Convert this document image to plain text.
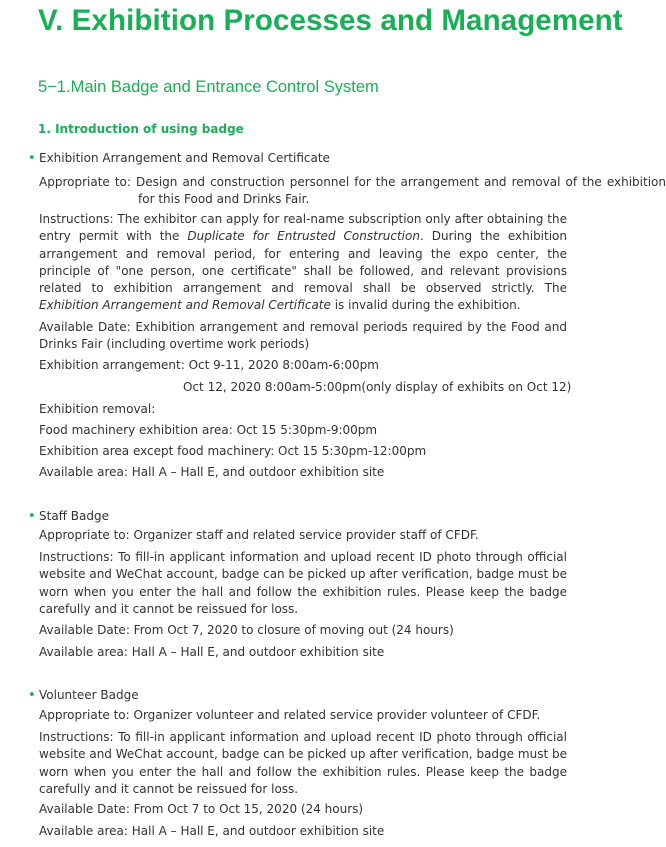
V. Exhibition Processes and Management
5−1.Main Badge and Entrance Control System
1. Introduction of using badge
• Exhibition Arrangement and Removal Certificate

Appropriate to: Design and construction personnel for the arrangement and removal of the exhibition for this Food and Drinks Fair.

Instructions: The exhibitor can apply for real-name subscription only after obtaining the entry permit with the Duplicate for Entrusted Construction. During the exhibition arrangement and removal period, for entering and leaving the expo center, the principle of "one person, one certificate" shall be followed, and relevant provisions related to exhibition arrangement and removal shall be observed strictly. The Exhibition Arrangement and Removal Certificate is invalid during the exhibition.

Available Date: Exhibition arrangement and removal periods required by the Food and Drinks Fair (including overtime work periods)

Exhibition arrangement: Oct 9-11, 2020 8:00am-6:00pm

Oct 12, 2020 8:00am-5:00pm(only display of exhibits on Oct 12)

Exhibition removal:

Food machinery exhibition area: Oct 15 5:30pm-9:00pm

Exhibition area except food machinery: Oct 15 5:30pm-12:00pm

Available area: Hall A – Hall E, and outdoor exhibition site

• Staff Badge

Appropriate to: Organizer staff and related service provider staff of CFDF.

Instructions: To fill-in applicant information and upload recent ID photo through official website and WeChat account, badge can be picked up after verification, badge must be worn when you enter the hall and follow the exhibition rules. Please keep the badge carefully and it cannot be reissued for loss.

Available Date: From Oct 7, 2020 to closure of moving out (24 hours)

Available area: Hall A – Hall E, and outdoor exhibition site

• Volunteer Badge

Appropriate to: Organizer volunteer and related service provider volunteer of CFDF.

Instructions: To fill-in applicant information and upload recent ID photo through official website and WeChat account, badge can be picked up after verification, badge must be worn when you enter the hall and follow the exhibition rules. Please keep the badge carefully and it cannot be reissued for loss.

Available Date: From Oct 7 to Oct 15, 2020 (24 hours)

Available area: Hall A – Hall E, and outdoor exhibition site
